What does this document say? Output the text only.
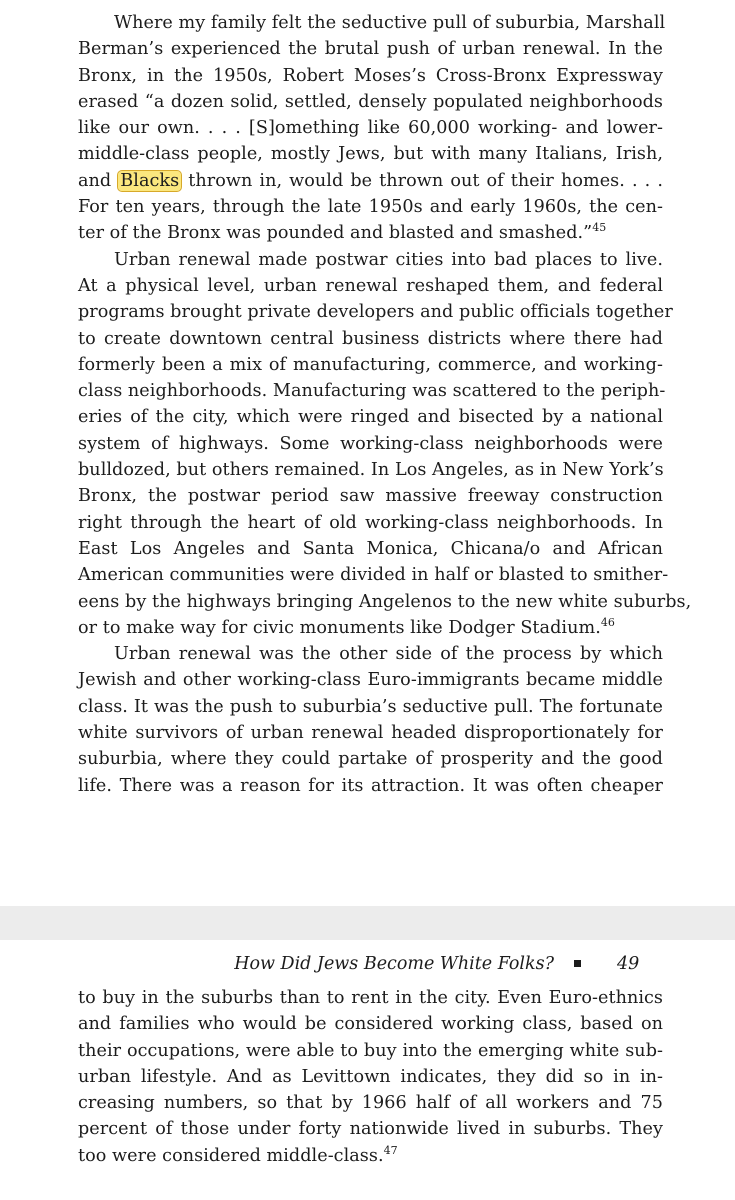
Where my family felt the seductive pull of suburbia, Marshall
Berman’s experienced the brutal push of urban renewal. In the
Bronx, in the 1950s, Robert Moses’s Cross-Bronx Expressway
erased “a dozen solid, settled, densely populated neighborhoods
like our own. . . . [S]omething like 60,000 working- and lower-
middle-class people, mostly Jews, but with many Italians, Irish,
and Blacks thrown in, would be thrown out of their homes. . . .
For ten years, through the late 1950s and early 1960s, the cen-
ter of the Bronx was pounded and blasted and smashed.”$^{45}$
Urban renewal made postwar cities into bad places to live.
At a physical level, urban renewal reshaped them, and federal
programs brought private developers and public officials together
to create downtown central business districts where there had
formerly been a mix of manufacturing, commerce, and working-
class neighborhoods. Manufacturing was scattered to the periph-
eries of the city, which were ringed and bisected by a national
system of highways. Some working-class neighborhoods were
bulldozed, but others remained. In Los Angeles, as in New York’s
Bronx, the postwar period saw massive freeway construction
right through the heart of old working-class neighborhoods. In
East Los Angeles and Santa Monica, Chicana/o and African
American communities were divided in half or blasted to smither-
eens by the highways bringing Angelenos to the new white suburbs,
or to make way for civic monuments like Dodger Stadium.$^{46}$
Urban renewal was the other side of the process by which
Jewish and other working-class Euro-immigrants became middle
class. It was the push to suburbia’s seductive pull. The fortunate
white survivors of urban renewal headed disproportionately for
suburbia, where they could partake of prosperity and the good
life. There was a reason for its attraction. It was often cheaper
How Did Jews Become White Folks?	49
to buy in the suburbs than to rent in the city. Even Euro-ethnics
and families who would be considered working class, based on
their occupations, were able to buy into the emerging white sub-
urban lifestyle. And as Levittown indicates, they did so in in-
creasing numbers, so that by 1966 half of all workers and 75
percent of those under forty nationwide lived in suburbs. They
too were considered middle-class.$^{47}$
